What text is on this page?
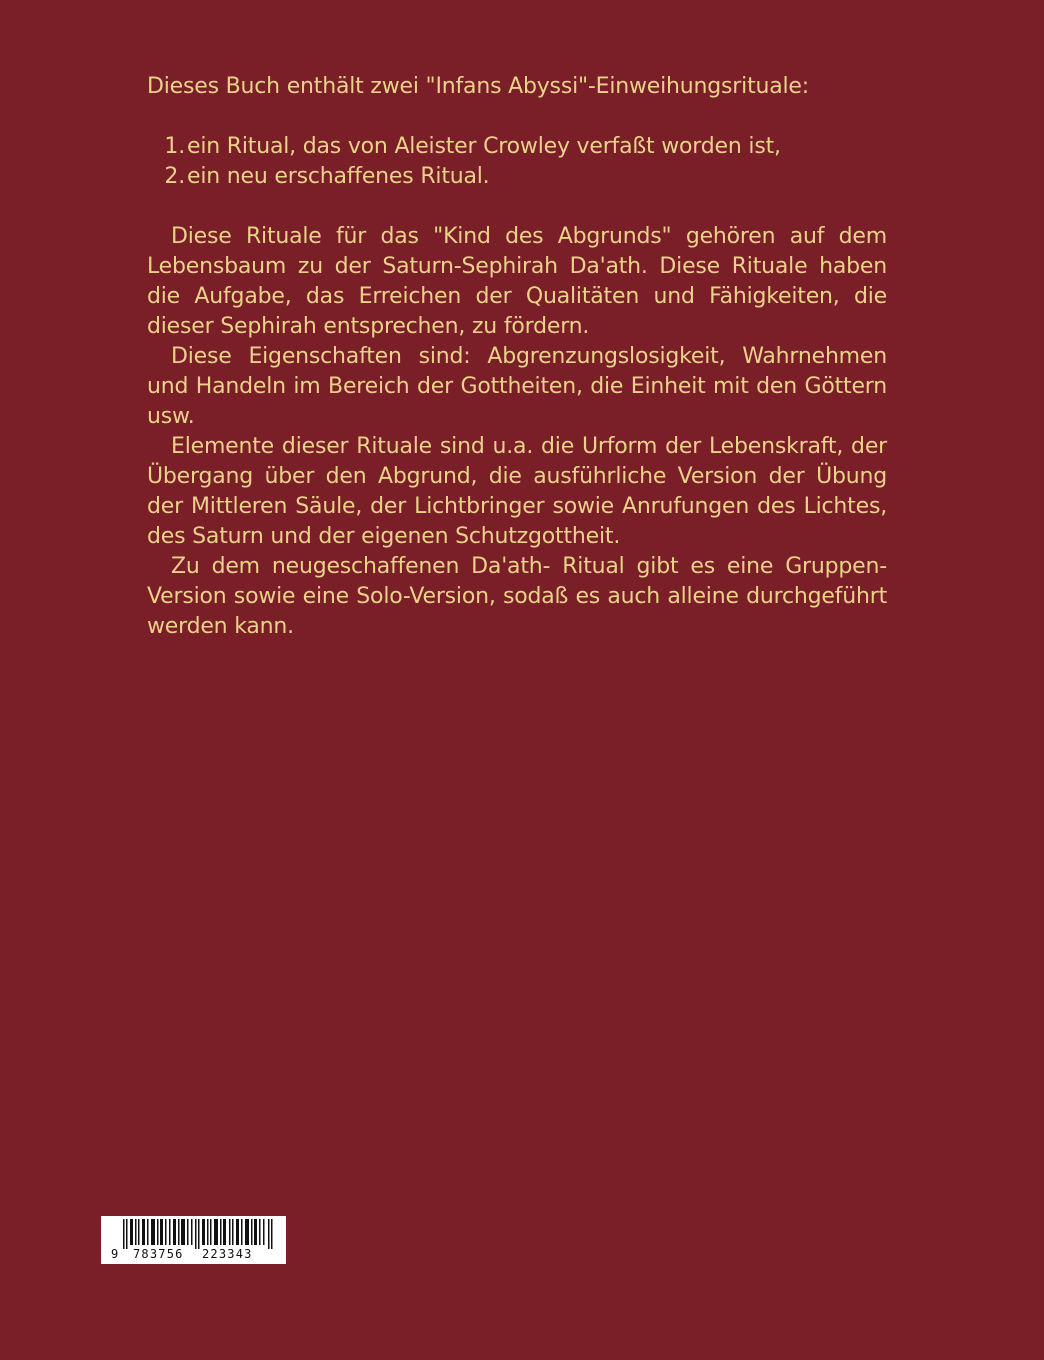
Dieses Buch enthält zwei "Infans Abyssi"-Einweihungsrituale:

1. ein Ritual, das von Aleister Crowley verfaßt worden ist,
2. ein neu erschaffenes Ritual.

Diese Rituale für das "Kind des Abgrunds" gehören auf dem Lebensbaum zu der Saturn-Sephirah Da'ath. Diese Rituale haben die Aufgabe, das Erreichen der Qualitäten und Fähigkeiten, die dieser Sephirah entsprechen, zu fördern.

Diese Eigenschaften sind: Abgrenzungslosigkeit, Wahrnehmen und Handeln im Bereich der Gottheiten, die Einheit mit den Göttern usw.

Elemente dieser Rituale sind u.a. die Urform der Lebenskraft, der Übergang über den Abgrund, die ausführliche Version der Übung der Mittleren Säule, der Lichtbringer sowie Anrufungen des Lichtes, des Saturn und der eigenen Schutzgottheit.

Zu dem neugeschaffenen Da'ath- Ritual gibt es eine Gruppen-Version sowie eine Solo-Version, sodaß es auch alleine durchgeführt werden kann.

9 783756 223343
